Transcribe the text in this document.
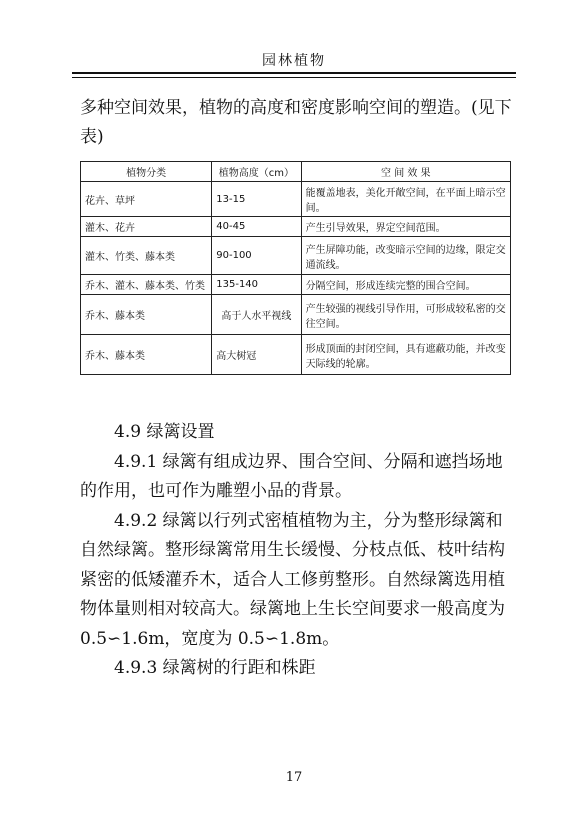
园林植物
多种空间效果，植物的高度和密度影响空间的塑造。(见下表)
植物分类	植物高度（cm）	空 间 效 果
花卉、草坪	13-15	能覆盖地表，美化开敞空间，在平面上暗示空间。
灌木、花卉	40-45	产生引导效果，界定空间范围。
灌木、竹类、藤本类	90-100	产生屏障功能，改变暗示空间的边缘，限定交通流线。
乔木、灌木、藤本类、竹类	135-140	分隔空间，形成连续完整的围合空间。
乔木、藤本类	高于人水平视线	产生较强的视线引导作用，可形成较私密的交往空间。
乔木、藤本类	高大树冠	形成顶面的封闭空间，具有遮蔽功能，并改变天际线的轮廓。

4.9 绿篱设置

4.9.1 绿篱有组成边界、围合空间、分隔和遮挡场地的作用，也可作为雕塑小品的背景。

4.9.2 绿篱以行列式密植植物为主，分为整形绿篱和自然绿篱。整形绿篱常用生长缓慢、分枝点低、枝叶结构紧密的低矮灌乔木，适合人工修剪整形。自然绿篱选用植物体量则相对较高大。绿篱地上生长空间要求一般高度为 0.5∽1.6m，宽度为 0.5∽1.8m。

4.9.3 绿篱树的行距和株距

17
